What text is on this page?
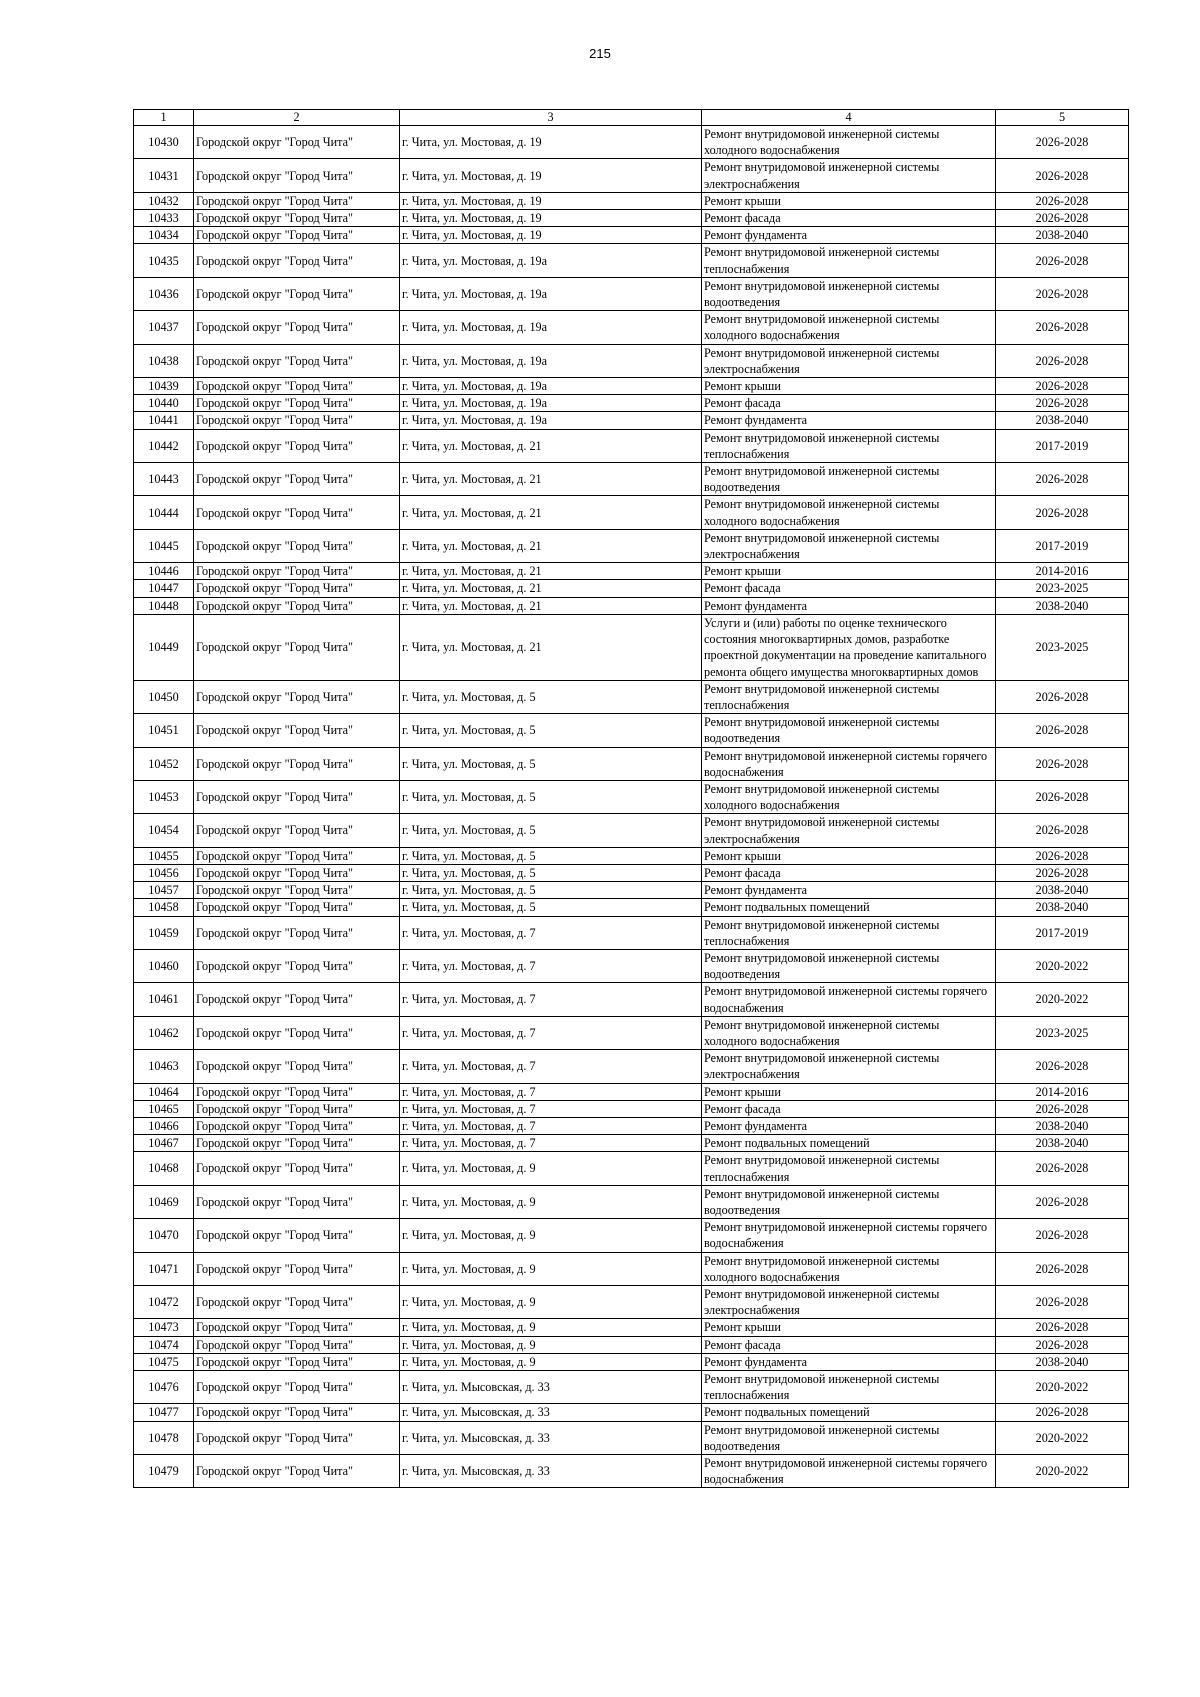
215
1	2	3	4	5
10430	Городской округ "Город Чита"	г. Чита, ул. Мостовая, д. 19	Ремонт внутридомовой инженерной системы холодного водоснабжения	2026-2028
10431	Городской округ "Город Чита"	г. Чита, ул. Мостовая, д. 19	Ремонт внутридомовой инженерной системы электроснабжения	2026-2028
10432	Городской округ "Город Чита"	г. Чита, ул. Мостовая, д. 19	Ремонт крыши	2026-2028
10433	Городской округ "Город Чита"	г. Чита, ул. Мостовая, д. 19	Ремонт фасада	2026-2028
10434	Городской округ "Город Чита"	г. Чита, ул. Мостовая, д. 19	Ремонт фундамента	2038-2040
10435	Городской округ "Город Чита"	г. Чита, ул. Мостовая, д. 19а	Ремонт внутридомовой инженерной системы теплоснабжения	2026-2028
10436	Городской округ "Город Чита"	г. Чита, ул. Мостовая, д. 19а	Ремонт внутридомовой инженерной системы водоотведения	2026-2028
10437	Городской округ "Город Чита"	г. Чита, ул. Мостовая, д. 19а	Ремонт внутридомовой инженерной системы холодного водоснабжения	2026-2028
10438	Городской округ "Город Чита"	г. Чита, ул. Мостовая, д. 19а	Ремонт внутридомовой инженерной системы электроснабжения	2026-2028
10439	Городской округ "Город Чита"	г. Чита, ул. Мостовая, д. 19а	Ремонт крыши	2026-2028
10440	Городской округ "Город Чита"	г. Чита, ул. Мостовая, д. 19а	Ремонт фасада	2026-2028
10441	Городской округ "Город Чита"	г. Чита, ул. Мостовая, д. 19а	Ремонт фундамента	2038-2040
10442	Городской округ "Город Чита"	г. Чита, ул. Мостовая, д. 21	Ремонт внутридомовой инженерной системы теплоснабжения	2017-2019
10443	Городской округ "Город Чита"	г. Чита, ул. Мостовая, д. 21	Ремонт внутридомовой инженерной системы водоотведения	2026-2028
10444	Городской округ "Город Чита"	г. Чита, ул. Мостовая, д. 21	Ремонт внутридомовой инженерной системы холодного водоснабжения	2026-2028
10445	Городской округ "Город Чита"	г. Чита, ул. Мостовая, д. 21	Ремонт внутридомовой инженерной системы электроснабжения	2017-2019
10446	Городской округ "Город Чита"	г. Чита, ул. Мостовая, д. 21	Ремонт крыши	2014-2016
10447	Городской округ "Город Чита"	г. Чита, ул. Мостовая, д. 21	Ремонт фасада	2023-2025
10448	Городской округ "Город Чита"	г. Чита, ул. Мостовая, д. 21	Ремонт фундамента	2038-2040
10449	Городской округ "Город Чита"	г. Чита, ул. Мостовая, д. 21	Услуги и (или) работы по оценке технического состояния многоквартирных домов, разработке проектной документации на проведение капитального ремонта общего имущества многоквартирных домов	2023-2025
10450	Городской округ "Город Чита"	г. Чита, ул. Мостовая, д. 5	Ремонт внутридомовой инженерной системы теплоснабжения	2026-2028
10451	Городской округ "Город Чита"	г. Чита, ул. Мостовая, д. 5	Ремонт внутридомовой инженерной системы водоотведения	2026-2028
10452	Городской округ "Город Чита"	г. Чита, ул. Мостовая, д. 5	Ремонт внутридомовой инженерной системы горячего водоснабжения	2026-2028
10453	Городской округ "Город Чита"	г. Чита, ул. Мостовая, д. 5	Ремонт внутридомовой инженерной системы холодного водоснабжения	2026-2028
10454	Городской округ "Город Чита"	г. Чита, ул. Мостовая, д. 5	Ремонт внутридомовой инженерной системы электроснабжения	2026-2028
10455	Городской округ "Город Чита"	г. Чита, ул. Мостовая, д. 5	Ремонт крыши	2026-2028
10456	Городской округ "Город Чита"	г. Чита, ул. Мостовая, д. 5	Ремонт фасада	2026-2028
10457	Городской округ "Город Чита"	г. Чита, ул. Мостовая, д. 5	Ремонт фундамента	2038-2040
10458	Городской округ "Город Чита"	г. Чита, ул. Мостовая, д. 5	Ремонт подвальных помещений	2038-2040
10459	Городской округ "Город Чита"	г. Чита, ул. Мостовая, д. 7	Ремонт внутридомовой инженерной системы теплоснабжения	2017-2019
10460	Городской округ "Город Чита"	г. Чита, ул. Мостовая, д. 7	Ремонт внутридомовой инженерной системы водоотведения	2020-2022
10461	Городской округ "Город Чита"	г. Чита, ул. Мостовая, д. 7	Ремонт внутридомовой инженерной системы горячего водоснабжения	2020-2022
10462	Городской округ "Город Чита"	г. Чита, ул. Мостовая, д. 7	Ремонт внутридомовой инженерной системы холодного водоснабжения	2023-2025
10463	Городской округ "Город Чита"	г. Чита, ул. Мостовая, д. 7	Ремонт внутридомовой инженерной системы электроснабжения	2026-2028
10464	Городской округ "Город Чита"	г. Чита, ул. Мостовая, д. 7	Ремонт крыши	2014-2016
10465	Городской округ "Город Чита"	г. Чита, ул. Мостовая, д. 7	Ремонт фасада	2026-2028
10466	Городской округ "Город Чита"	г. Чита, ул. Мостовая, д. 7	Ремонт фундамента	2038-2040
10467	Городской округ "Город Чита"	г. Чита, ул. Мостовая, д. 7	Ремонт подвальных помещений	2038-2040
10468	Городской округ "Город Чита"	г. Чита, ул. Мостовая, д. 9	Ремонт внутридомовой инженерной системы теплоснабжения	2026-2028
10469	Городской округ "Город Чита"	г. Чита, ул. Мостовая, д. 9	Ремонт внутридомовой инженерной системы водоотведения	2026-2028
10470	Городской округ "Город Чита"	г. Чита, ул. Мостовая, д. 9	Ремонт внутридомовой инженерной системы горячего водоснабжения	2026-2028
10471	Городской округ "Город Чита"	г. Чита, ул. Мостовая, д. 9	Ремонт внутридомовой инженерной системы холодного водоснабжения	2026-2028
10472	Городской округ "Город Чита"	г. Чита, ул. Мостовая, д. 9	Ремонт внутридомовой инженерной системы электроснабжения	2026-2028
10473	Городской округ "Город Чита"	г. Чита, ул. Мостовая, д. 9	Ремонт крыши	2026-2028
10474	Городской округ "Город Чита"	г. Чита, ул. Мостовая, д. 9	Ремонт фасада	2026-2028
10475	Городской округ "Город Чита"	г. Чита, ул. Мостовая, д. 9	Ремонт фундамента	2038-2040
10476	Городской округ "Город Чита"	г. Чита, ул. Мысовская, д. 33	Ремонт внутридомовой инженерной системы теплоснабжения	2020-2022
10477	Городской округ "Город Чита"	г. Чита, ул. Мысовская, д. 33	Ремонт подвальных помещений	2026-2028
10478	Городской округ "Город Чита"	г. Чита, ул. Мысовская, д. 33	Ремонт внутридомовой инженерной системы водоотведения	2020-2022
10479	Городской округ "Город Чита"	г. Чита, ул. Мысовская, д. 33	Ремонт внутридомовой инженерной системы горячего водоснабжения	2020-2022
